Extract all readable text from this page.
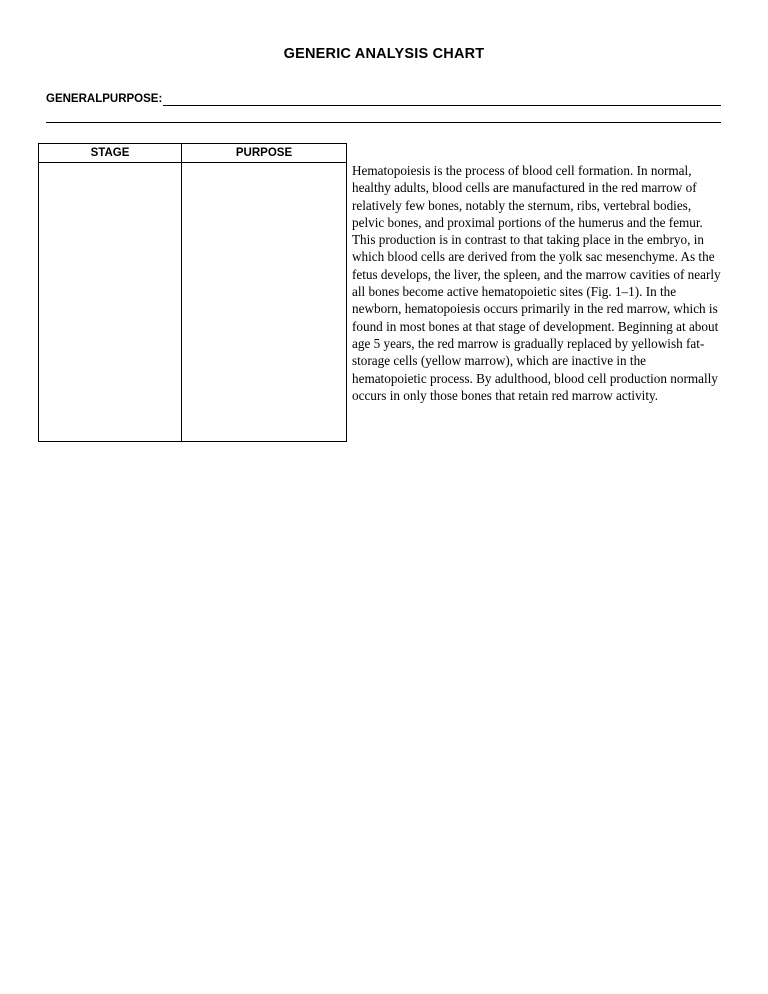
GENERIC ANALYSIS CHART
GENERALPURPOSE:
STAGE	PURPOSE

Hematopoiesis is the process of blood cell formation. In normal, healthy adults, blood cells are manufactured in the red marrow of relatively few bones, notably the sternum, ribs, vertebral bodies, pelvic bones, and proximal portions of the humerus and the femur. This production is in contrast to that taking place in the embryo, in which blood cells are derived from the yolk sac mesenchyme. As the fetus develops, the liver, the spleen, and the marrow cavities of nearly all bones become active hematopoietic sites (Fig. 1–1). In the newborn, hematopoiesis occurs primarily in the red marrow, which is found in most bones at that stage of development. Beginning at about age 5 years, the red marrow is gradually replaced by yellowish fat-storage cells (yellow marrow), which are inactive in the hematopoietic process. By adulthood, blood cell production normally occurs in only those bones that retain red marrow activity.
